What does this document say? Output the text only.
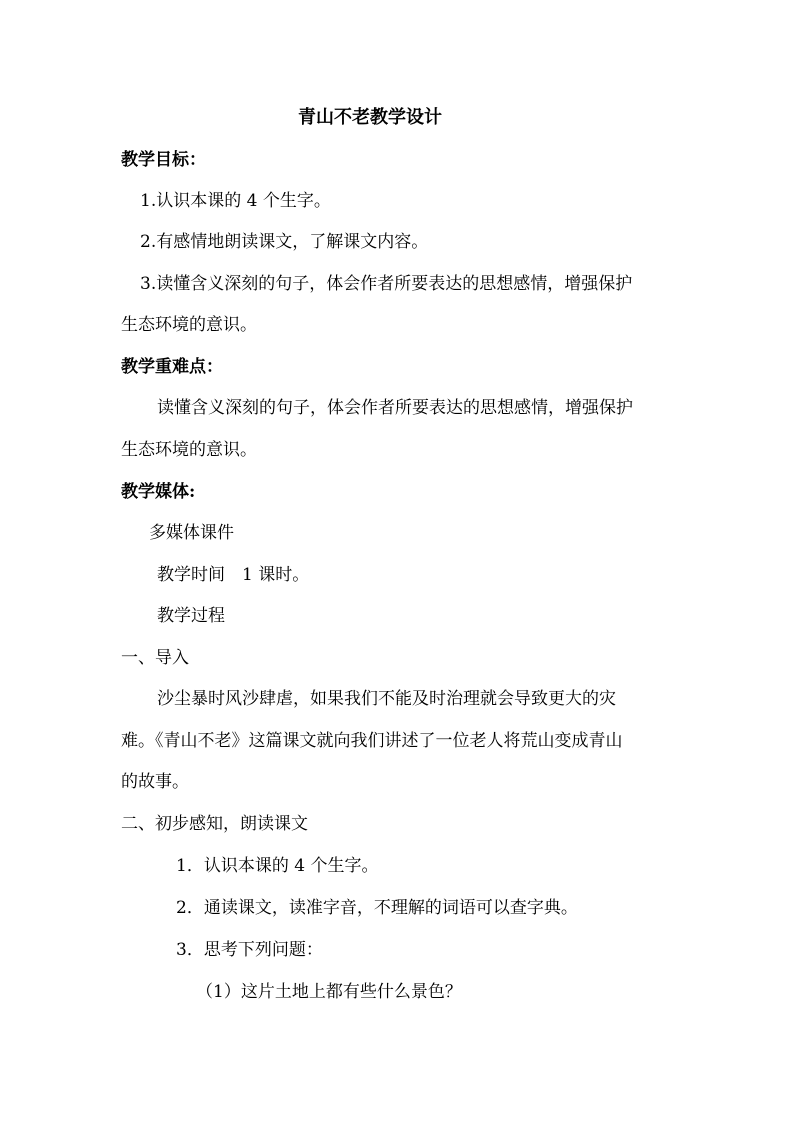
青山不老教学设计
教学目标：
1.认识本课的 4 个生字。
2.有感情地朗读课文，了解课文内容。
3.读懂含义深刻的句子，体会作者所要表达的思想感情，增强保护
生态环境的意识。
教学重难点：
读懂含义深刻的句子，体会作者所要表达的思想感情，增强保护
生态环境的意识。
教学媒体:
多媒体课件
教学时间　1 课时。
教学过程
一、导入
沙尘暴时风沙肆虐，如果我们不能及时治理就会导致更大的灾
难。《青山不老》这篇课文就向我们讲述了一位老人将荒山变成青山
的故事。
二、初步感知，朗读课文
1．认识本课的 4 个生字。
2．通读课文，读准字音，不理解的词语可以查字典。
3．思考下列问题：
（1）这片土地上都有些什么景色？
